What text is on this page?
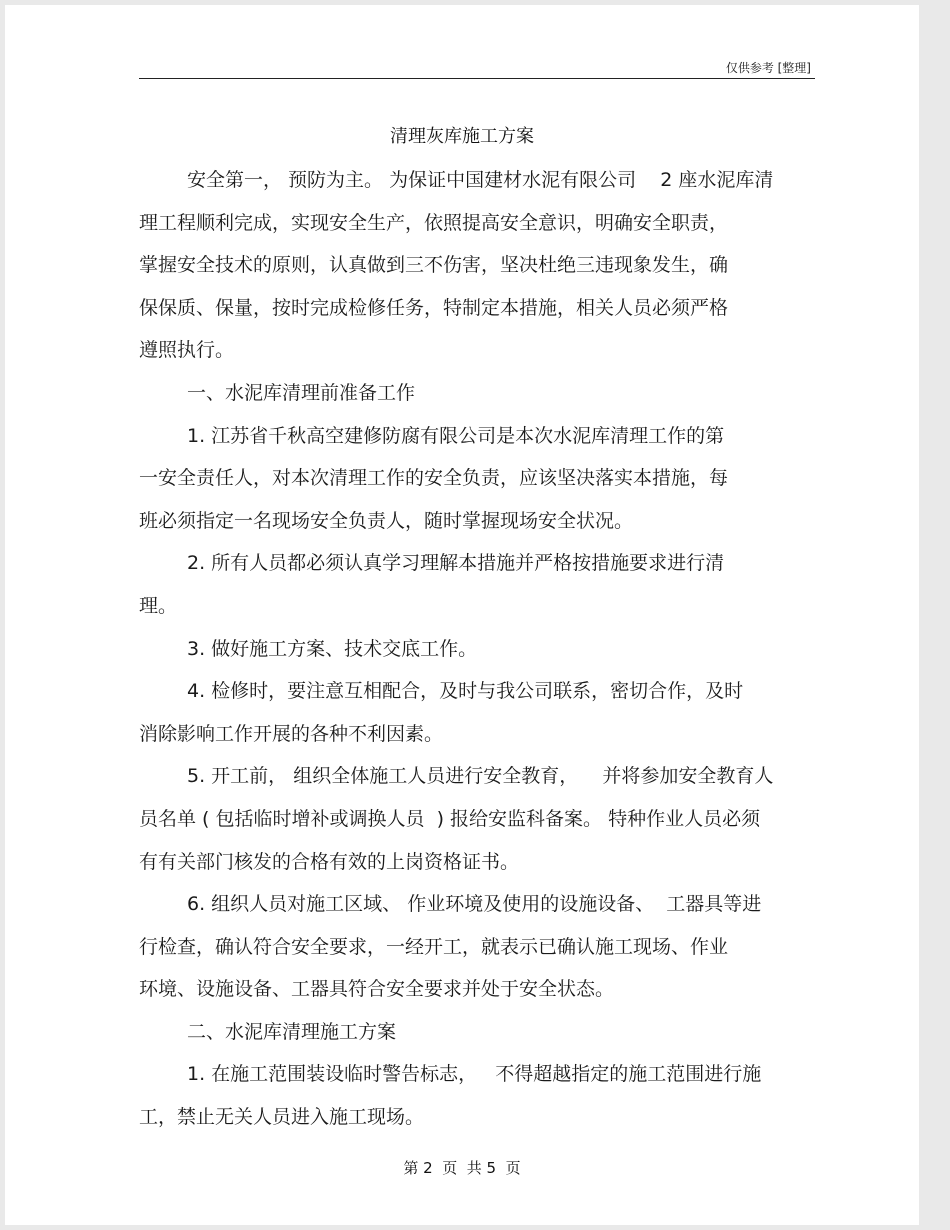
仅供参考 [整理]
清理灰库施工方案
安全第一， 预防为主。 为保证中国建材水泥有限公司    2 座水泥库清
理工程顺利完成，实现安全生产，依照提高安全意识，明确安全职责，
掌握安全技术的原则，认真做到三不伤害，坚决杜绝三违现象发生，确
保保质、保量，按时完成检修任务，特制定本措施，相关人员必须严格
遵照执行。
一、水泥库清理前准备工作
1. 江苏省千秋高空建修防腐有限公司是本次水泥库清理工作的第
一安全责任人，对本次清理工作的安全负责，应该坚决落实本措施，每
班必须指定一名现场安全负责人，随时掌握现场安全状况。
2. 所有人员都必须认真学习理解本措施并严格按措施要求进行清
理。
3. 做好施工方案、技术交底工作。
4. 检修时，要注意互相配合，及时与我公司联系，密切合作，及时
消除影响工作开展的各种不利因素。
5. 开工前， 组织全体施工人员进行安全教育，    并将参加安全教育人
员名单 ( 包括临时增补或调换人员  ) 报给安监科备案。 特种作业人员必须
有有关部门核发的合格有效的上岗资格证书。
6. 组织人员对施工区域、 作业环境及使用的设施设备、  工器具等进
行检查，确认符合安全要求，一经开工，就表示已确认施工现场、作业
环境、设施设备、工器具符合安全要求并处于安全状态。
二、水泥库清理施工方案
1. 在施工范围装设临时警告标志，   不得超越指定的施工范围进行施
工，禁止无关人员进入施工现场。
第 2  页  共 5  页
